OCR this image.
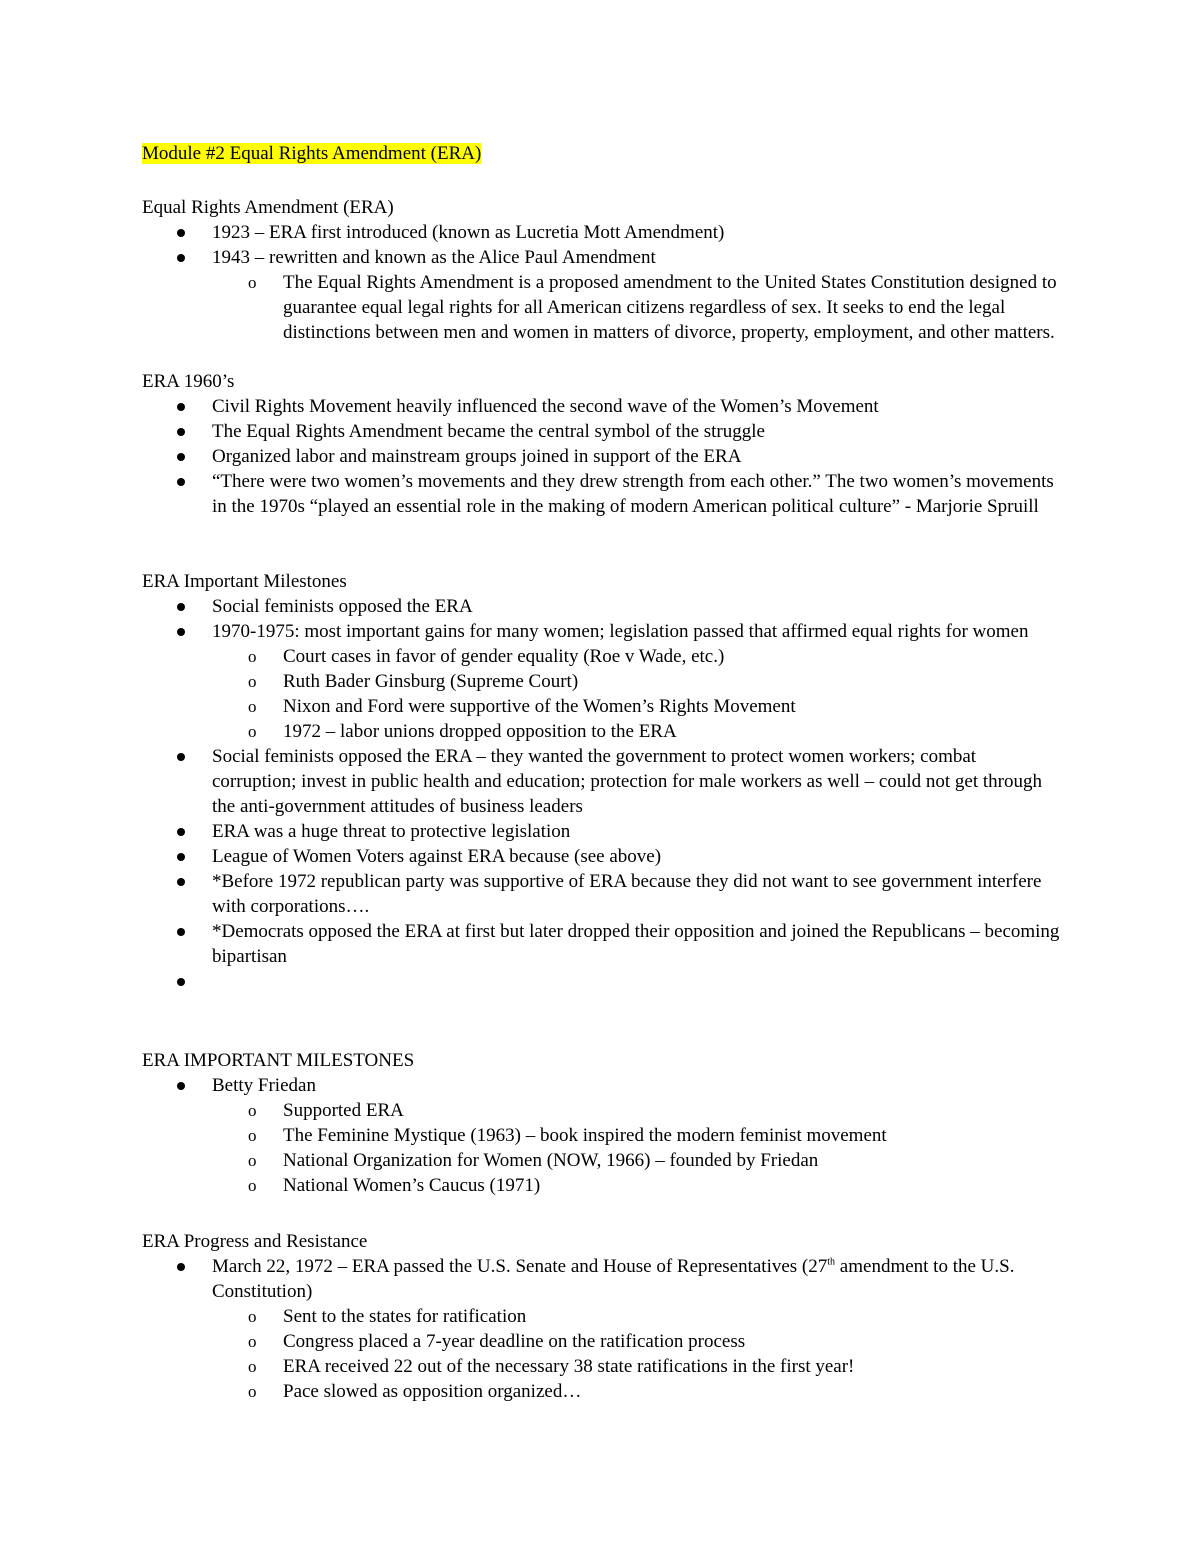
Module #2 Equal Rights Amendment (ERA)
Equal Rights Amendment (ERA)
1923 – ERA first introduced (known as Lucretia Mott Amendment)
1943 – rewritten and known as the Alice Paul Amendment
o The Equal Rights Amendment is a proposed amendment to the United States Constitution designed to guarantee equal legal rights for all American citizens regardless of sex. It seeks to end the legal distinctions between men and women in matters of divorce, property, employment, and other matters.
ERA 1960’s
Civil Rights Movement heavily influenced the second wave of the Women’s Movement
The Equal Rights Amendment became the central symbol of the struggle
Organized labor and mainstream groups joined in support of the ERA
“There were two women’s movements and they drew strength from each other.” The two women’s movements in the 1970s “played an essential role in the making of modern American political culture” - Marjorie Spruill
ERA Important Milestones
Social feminists opposed the ERA
1970-1975: most important gains for many women; legislation passed that affirmed equal rights for women
o Court cases in favor of gender equality (Roe v Wade, etc.)
o Ruth Bader Ginsburg (Supreme Court)
o Nixon and Ford were supportive of the Women’s Rights Movement
o 1972 – labor unions dropped opposition to the ERA
Social feminists opposed the ERA – they wanted the government to protect women workers; combat corruption; invest in public health and education; protection for male workers as well – could not get through the anti-government attitudes of business leaders
ERA was a huge threat to protective legislation
League of Women Voters against ERA because (see above)
*Before 1972 republican party was supportive of ERA because they did not want to see government interfere with corporations….
*Democrats opposed the ERA at first but later dropped their opposition and joined the Republicans – becoming bipartisan
ERA IMPORTANT MILESTONES
Betty Friedan
o Supported ERA
o The Feminine Mystique (1963) – book inspired the modern feminist movement
o National Organization for Women (NOW, 1966) – founded by Friedan
o National Women’s Caucus (1971)
ERA Progress and Resistance
March 22, 1972 – ERA passed the U.S. Senate and House of Representatives (27th amendment to the U.S. Constitution)
o Sent to the states for ratification
o Congress placed a 7-year deadline on the ratification process
o ERA received 22 out of the necessary 38 state ratifications in the first year!
o Pace slowed as opposition organized…
